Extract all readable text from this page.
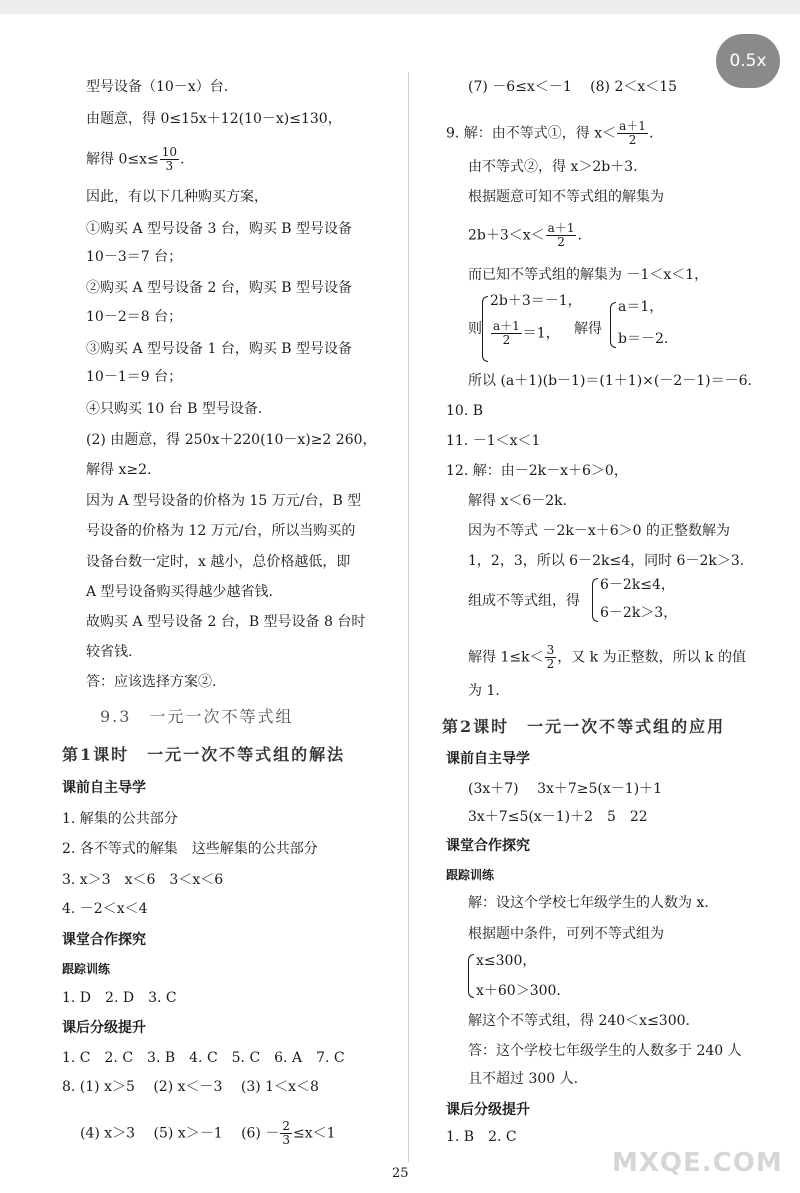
0.5x
型号设备（10－x）台.
由题意，得 0≤15x＋12(10－x)≤130，
解得 $0\le x\le \frac{10}{3}$ .
因此，有以下几种购买方案，
①购买 A 型号设备 3 台，购买 B 型号设备
10－3＝7 台；
②购买 A 型号设备 2 台，购买 B 型号设备
10－2＝8 台；
③购买 A 型号设备 1 台，购买 B 型号设备
10－1＝9 台；
④只购买 10 台 B 型号设备.
(2) 由题意，得 250x＋220(10－x)≥2 260，
解得 x≥2.
因为 A 型号设备的价格为 15 万元/台，B 型
号设备的价格为 12 万元/台，所以当购买的
设备台数一定时，x 越小，总价格越低，即
A 型号设备购买得越少越省钱.
故购买 A 型号设备 2 台，B 型号设备 8 台时
较省钱.
答：应该选择方案②.
9.3　一元一次不等式组
第1课时　一元一次不等式组的解法
课前自主导学
1. 解集的公共部分
2. 各不等式的解集　这些解集的公共部分
3. x＞3　x＜6　3＜x＜6
4. －2＜x＜4
课堂合作探究
跟踪训练
1. D　2. D　3. C
课后分级提升
1. C　2. C　3. B　4. C　5. C　6. A　7. C
8. (1) x＞5　 (2) x＜－3　 (3) 1＜x＜8
(4) x＞3　 (5) x＞－1　 $(6) - \frac{2}{3} \le x<1$
(7) －6≤x＜－1　 (8) 2＜x＜15
9. 解：由不等式①，得 $x< \frac{a+1}{2}$ .
由不等式②，得 x＞2b＋3.
根据题意可知不等式组的解集为
$2b+3<x< \frac{a+1}{2}$ .
而已知不等式组的解集为 －1＜x＜1，
则
2b＋3＝－1，
$\frac{a+1}{2} =1$， 解得
a＝1，
b＝－2.
所以 (a＋1)(b－1)＝(1＋1)×(－2－1)＝－6.
10. B
11. －1＜x＜1
12. 解：由－2k－x＋6＞0，
解得 x＜6－2k.
因为不等式 －2k－x＋6＞0 的正整数解为
1，2，3，所以 6－2k≤4，同时 6－2k＞3.
组成不等式组，得
6－2k≤4，
6－2k＞3，
解得 $1\le k< \frac{3}{2}$ ，又 k 为正整数，所以 k 的值
为 1.
第2课时　一元一次不等式组的应用
课前自主导学
(3x＋7)　 3x＋7≥5(x－1)＋1
3x＋7≤5(x－1)＋2　5　22
课堂合作探究
跟踪训练
解：设这个学校七年级学生的人数为 x.
根据题中条件，可列不等式组为
x≤300，
x＋60＞300.
解这个不等式组，得 240＜x≤300.
答：这个学校七年级学生的人数多于 240 人
且不超过 300 人.
课后分级提升
1. B　2. C
MXQE.COM
25
